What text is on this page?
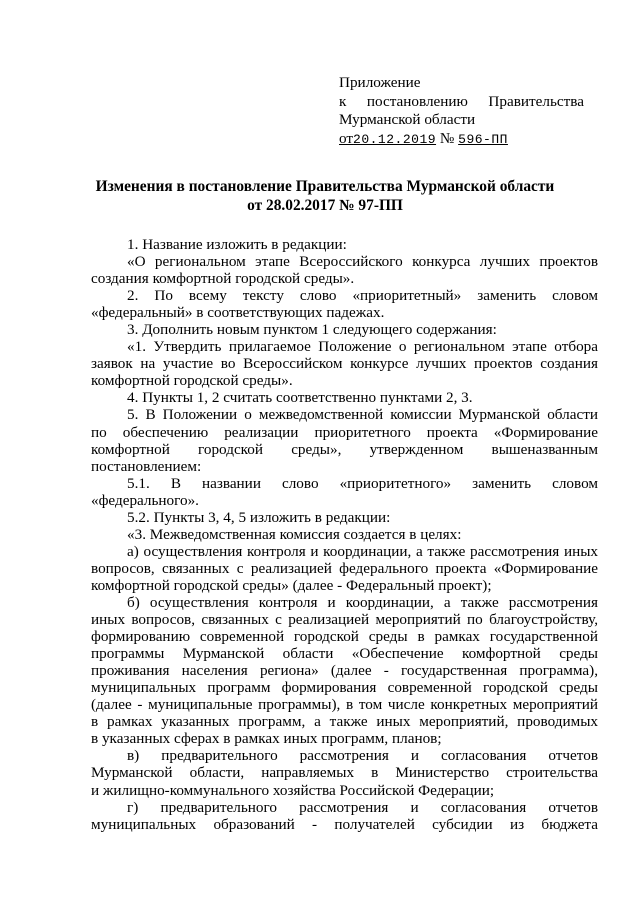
Приложение
к постановлению Правительства
Мурманской области
от20.12.2019 № 596-ПП
Изменения в постановление Правительства Мурманской области
от 28.02.2017 № 97-ПП
1. Название изложить в редакции:
«О региональном этапе Всероссийского конкурса лучших проектов
создания комфортной городской среды».
2. По всему тексту слово «приоритетный» заменить словом
«федеральный» в соответствующих падежах.
3. Дополнить новым пунктом 1 следующего содержания:
«1. Утвердить прилагаемое Положение о региональном этапе отбора
заявок на участие во Всероссийском конкурсе лучших проектов создания
комфортной городской среды».
4. Пункты 1, 2 считать соответственно пунктами 2, 3.
5. В Положении о межведомственной комиссии Мурманской области
по обеспечению реализации приоритетного проекта «Формирование
комфортной городской среды», утвержденном вышеназванным
постановлением:
5.1. В названии слово «приоритетного» заменить словом
«федерального».
5.2. Пункты 3, 4, 5 изложить в редакции:
«3. Межведомственная комиссия создается в целях:
а) осуществления контроля и координации, а также рассмотрения иных
вопросов, связанных с реализацией федерального проекта «Формирование
комфортной городской среды» (далее - Федеральный проект);
б) осуществления контроля и координации, а также рассмотрения
иных вопросов, связанных с реализацией мероприятий по благоустройству,
формированию современной городской среды в рамках государственной
программы Мурманской области «Обеспечение комфортной среды
проживания населения региона» (далее - государственная программа),
муниципальных программ формирования современной городской среды
(далее - муниципальные программы), в том числе конкретных мероприятий
в рамках указанных программ, а также иных мероприятий, проводимых
в указанных сферах в рамках иных программ, планов;
в) предварительного рассмотрения и согласования отчетов
Мурманской области, направляемых в Министерство строительства
и жилищно-коммунального хозяйства Российской Федерации;
г) предварительного рассмотрения и согласования отчетов
муниципальных образований - получателей субсидии из бюджета
